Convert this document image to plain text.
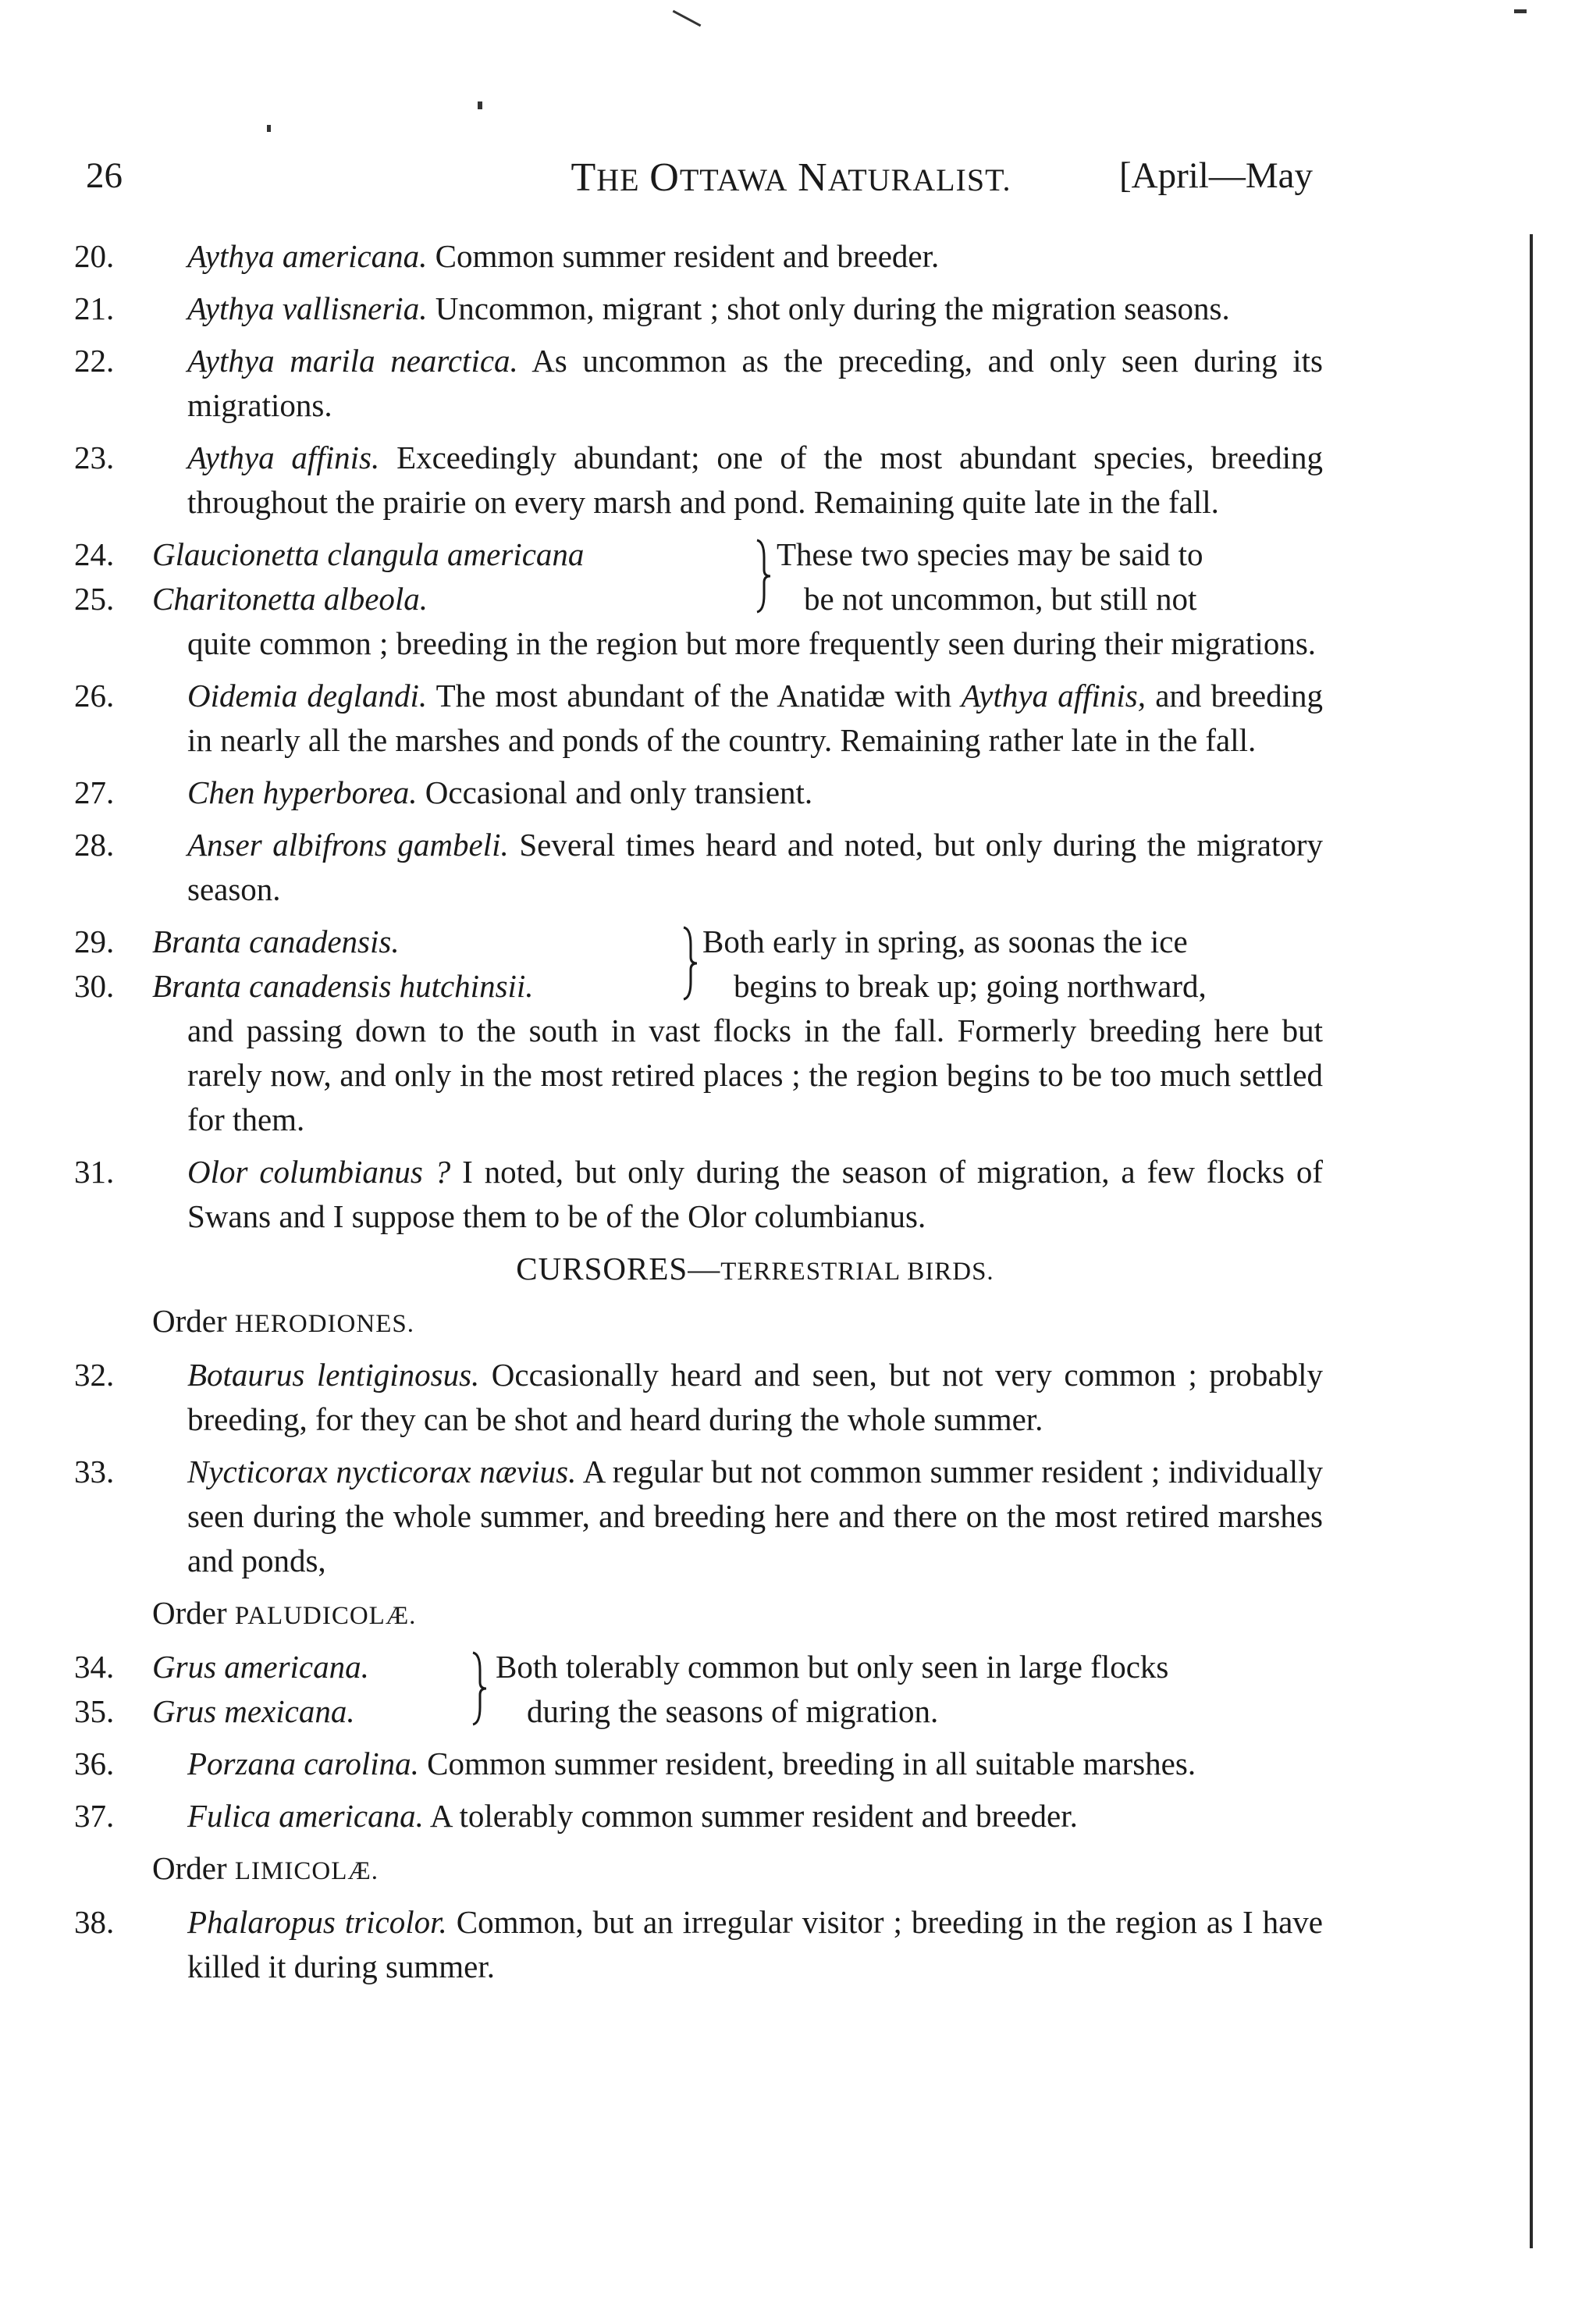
26	THE OTTAWA NATURALIST.	[April—May

20.	Aythya americana. Common summer resident and breeder.

21.	Aythya vallisneria. Uncommon, migrant ; shot only during the migration seasons.

22.	Aythya marila nearctica. As uncommon as the preceding, and only seen during its migrations.

23.	Aythya affinis. Exceedingly abundant; one of the most abundant species, breeding throughout the prairie on every marsh and pond. Remaining quite late in the fall.

24.	Glaucionetta clangula americana	These two species may be said to
25.	Charitonetta albeola.	be not uncommon, but still not
quite common ; breeding in the region but more frequently seen during their migrations.

26.	Oidemia deglandi. The most abundant of the Anatidæ with Aythya affinis, and breeding in nearly all the marshes and ponds of the country. Remaining rather late in the fall.

27.	Chen hyperborea. Occasional and only transient.

28.	Anser albifrons gambeli. Several times heard and noted, but only during the migratory season.

29.	Branta canadensis.	Both early in spring, as soonas the ice
30.	Branta canadensis hutchinsii.	begins to break up; going northward,
and passing down to the south in vast flocks in the fall. Formerly breeding here but rarely now, and only in the most retired places ; the region begins to be too much settled for them.

31.	Olor columbianus ? I noted, but only during the season of migration, a few flocks of Swans and I suppose them to be of the Olor columbianus.

CURSORES—TERRESTRIAL BIRDS.
Order HERODIONES.

32.	Botaurus lentiginosus. Occasionally heard and seen, but not very common ; probably breeding, for they can be shot and heard during the whole summer.

33.	Nycticorax nycticorax nævius. A regular but not common summer resident ; individually seen during the whole summer, and breeding here and there on the most retired marshes and ponds,

Order PALUDICOLÆ.
34.	Grus americana.	Both tolerably common but only seen in large flocks
35.	Grus mexicana.	during the seasons of migration.

36.	Porzana carolina. Common summer resident, breeding in all suitable marshes.

37.	Fulica americana. A tolerably common summer resident and breeder.

Order LIMICOLÆ.

38.	Phalaropus tricolor. Common, but an irregular visitor ; breeding in the region as I have killed it during summer.
